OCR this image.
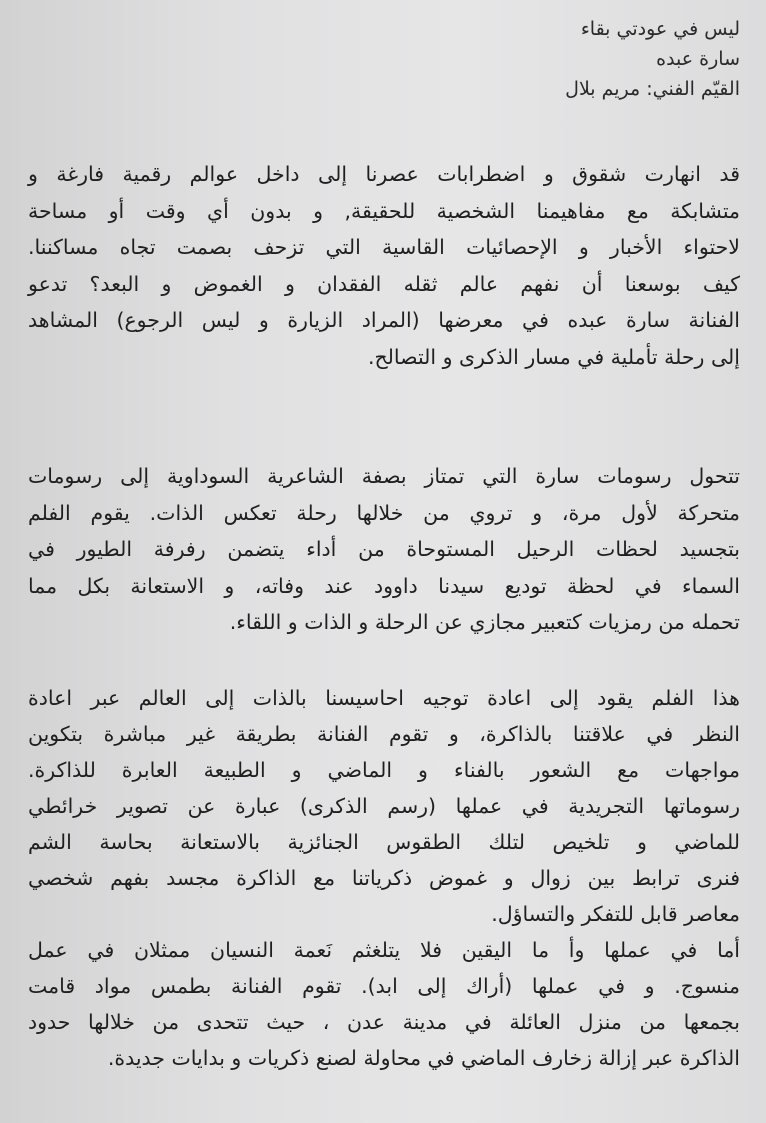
ليس في عودتي بقاء
سارة عبده
القيّم الفني: مريم بلال
قد انهارت شقوق و اضطرابات عصرنا إلى داخل عوالم رقمية فارغة و
متشابكة مع مفاهيمنا الشخصية للحقيقة, و بدون أي وقت أو مساحة
لاحتواء الأخبار و الإحصائيات القاسية التي تزحف بصمت تجاه مساكننا.
كيف بوسعنا أن نفهم عالم ثقله الفقدان و الغموض و البعد؟ تدعو
الفنانة سارة عبده في معرضها (المراد الزيارة و ليس الرجوع) المشاهد
إلى رحلة تأملية في مسار الذكرى و التصالح.
تتحول رسومات سارة التي تمتاز بصفة الشاعرية السوداوية إلى رسومات
متحركة لأول مرة، و تروي من خلالها رحلة تعكس الذات. يقوم الفلم
بتجسيد لحظات الرحيل المستوحاة من أداء يتضمن رفرفة الطيور في
السماء في لحظة توديع سيدنا داوود عند وفاته، و الاستعانة بكل مما
تحمله من رمزيات كتعبير مجازي عن الرحلة و الذات و اللقاء.
هذا الفلم يقود إلى اعادة توجيه احاسيسنا بالذات إلى العالم عبر اعادة
النظر في علاقتنا بالذاكرة، و تقوم الفنانة بطريقة غير مباشرة بتكوين
مواجهات مع الشعور بالفناء و الماضي و الطبيعة العابرة للذاكرة.
رسوماتها التجريدية في عملها (رسم الذكرى) عبارة عن تصوير خرائطي
للماضي و تلخيص لتلك الطقوس الجنائزية بالاستعانة بحاسة الشم
فنرى ترابط بين زوال و غموض ذكرياتنا مع الذاكرة مجسد بفهم شخصي
معاصر قابل للتفكر والتساؤل.
أما في عملها وأ ما اليقين فلا يتلغثم نَعمة النسيان ممثلان في عمل
منسوج. و في عملها (أراك إلى ابد). تقوم الفنانة بطمس مواد قامت
بجمعها من منزل العائلة في مدينة عدن ، حيث تتحدى من خلالها حدود
الذاكرة عبر إزالة زخارف الماضي في محاولة لصنع ذكريات و بدايات جديدة.
